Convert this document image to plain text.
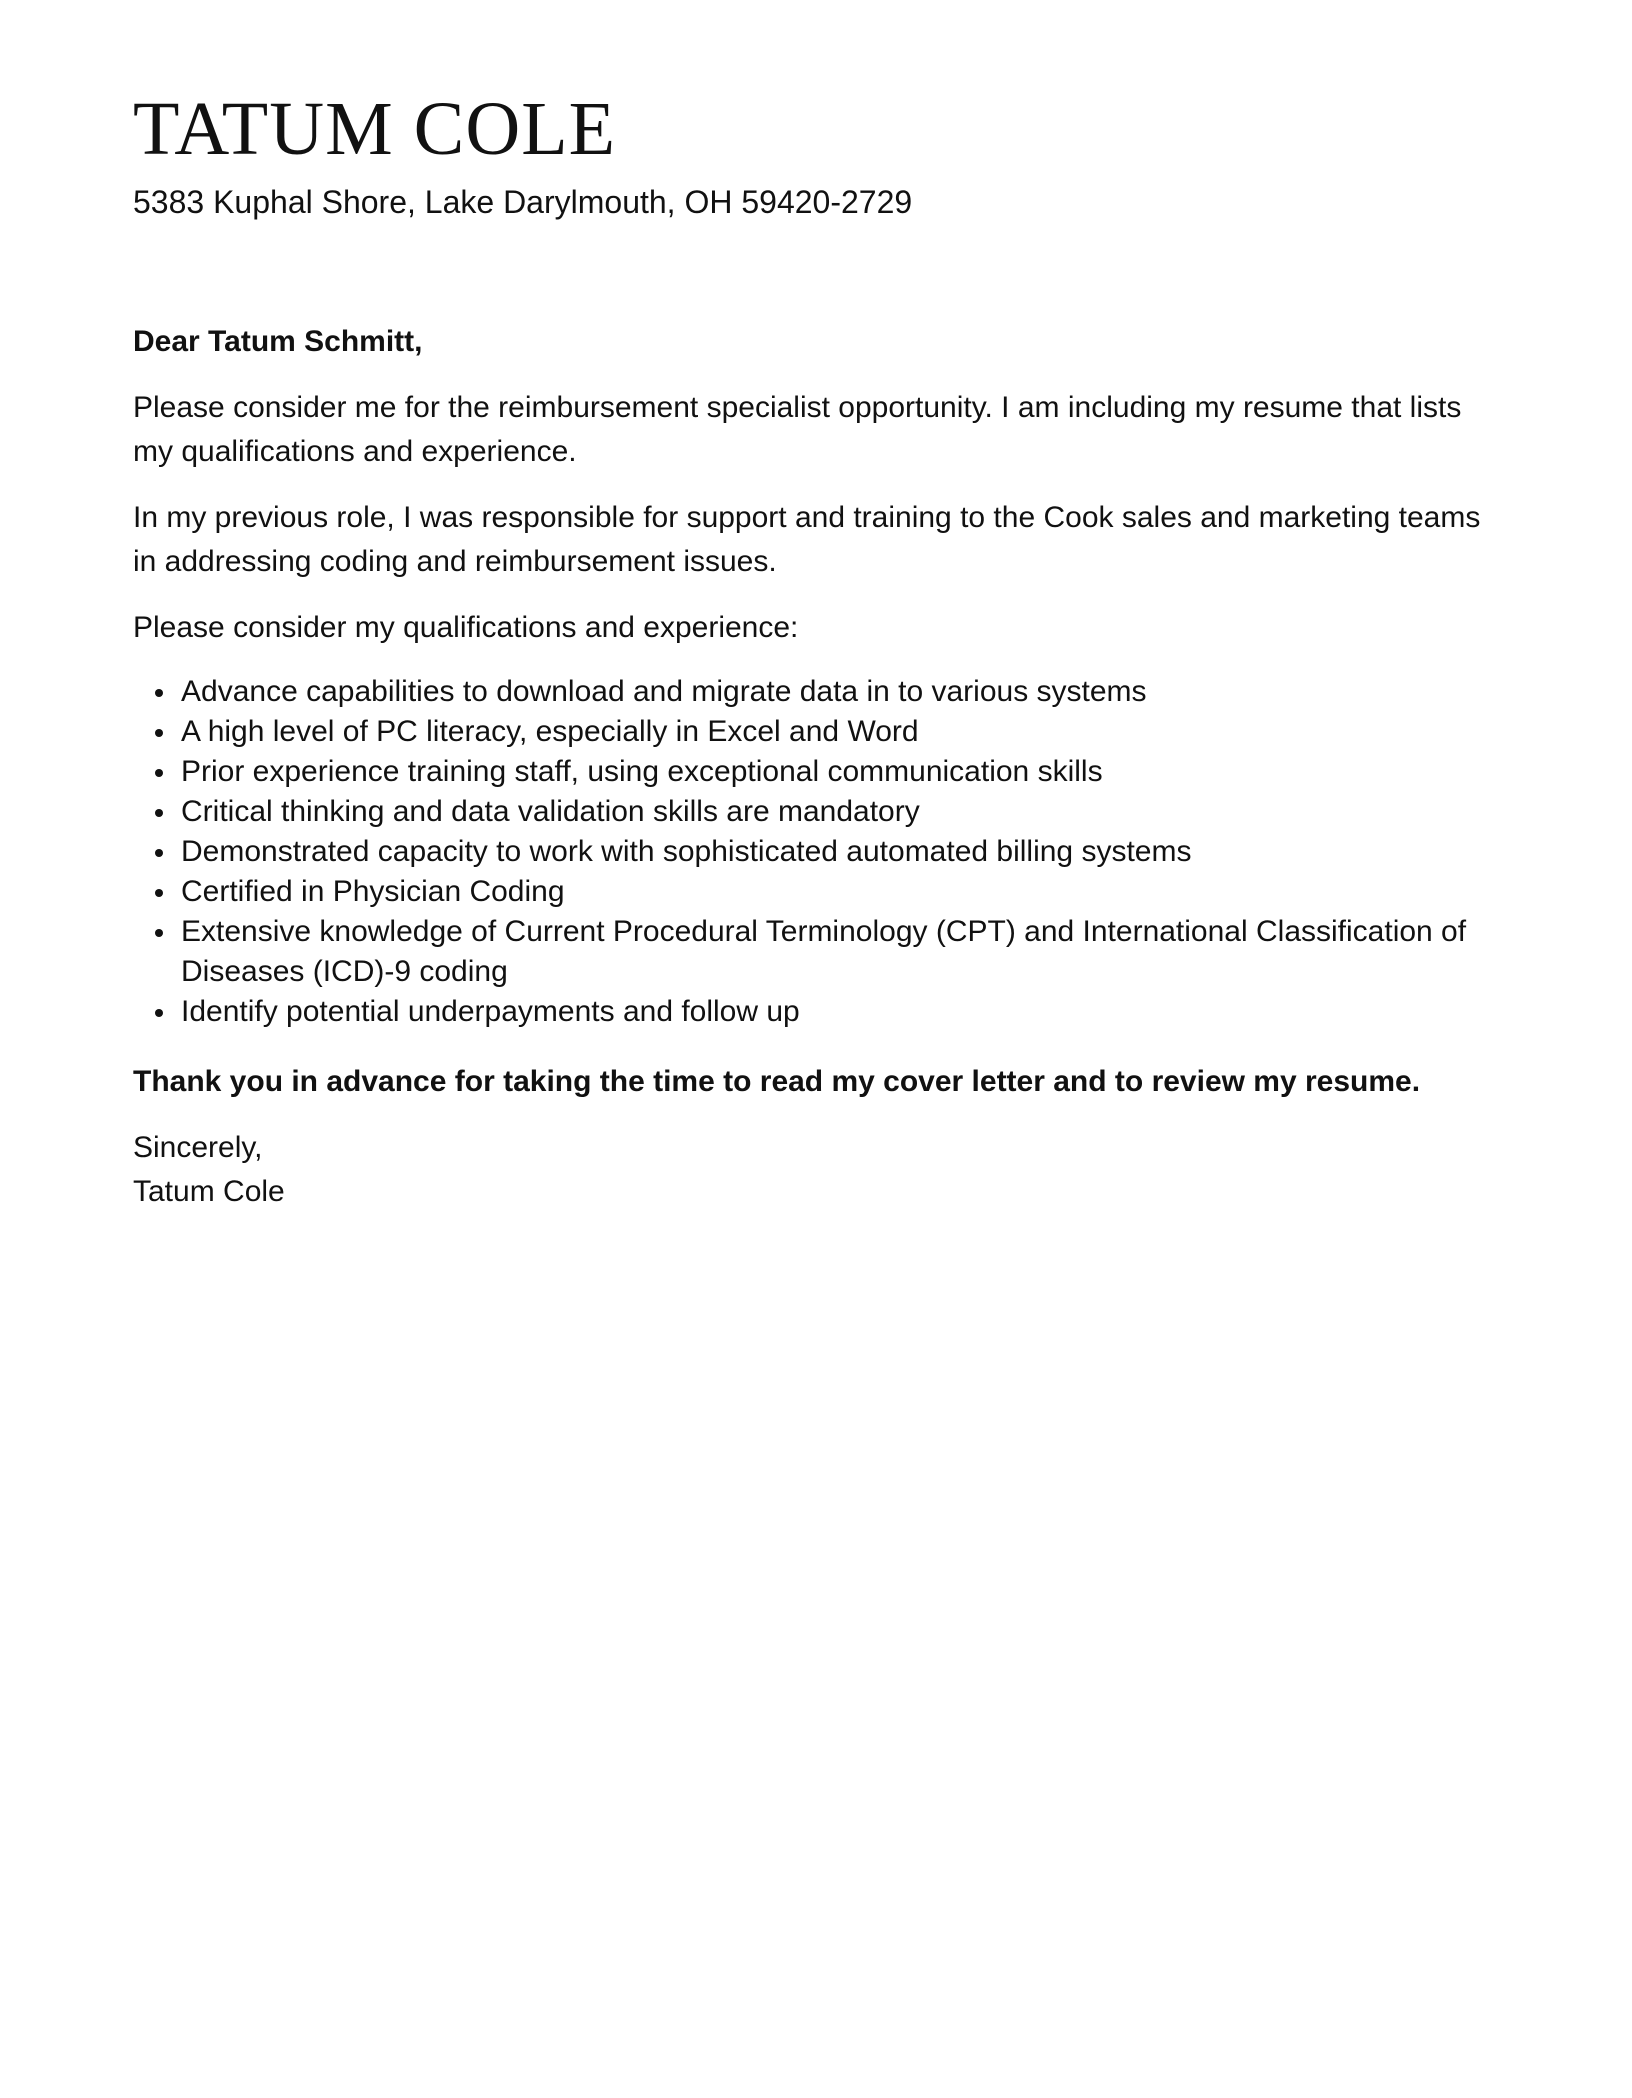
TATUM COLE

5383 Kuphal Shore, Lake Darylmouth, OH 59420-2729

Dear Tatum Schmitt,

Please consider me for the reimbursement specialist opportunity. I am including my resume that lists my qualifications and experience.

In my previous role, I was responsible for support and training to the Cook sales and marketing teams in addressing coding and reimbursement issues.

Please consider my qualifications and experience:

Advance capabilities to download and migrate data in to various systems
A high level of PC literacy, especially in Excel and Word
Prior experience training staff, using exceptional communication skills
Critical thinking and data validation skills are mandatory
Demonstrated capacity to work with sophisticated automated billing systems
Certified in Physician Coding
Extensive knowledge of Current Procedural Terminology (CPT) and International Classification of Diseases (ICD)-9 coding
Identify potential underpayments and follow up

Thank you in advance for taking the time to read my cover letter and to review my resume.

Sincerely,

Tatum Cole
